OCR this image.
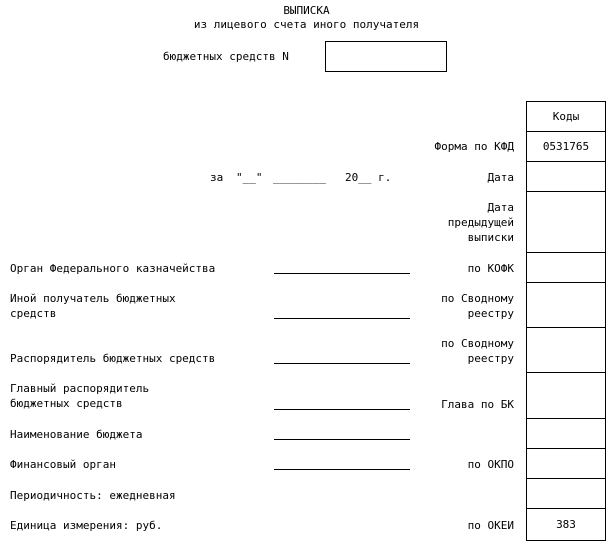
ВЫПИСКА
из лицевого счета иного получателя
бюджетных средств N
за "__" ________ 20__ г.
Орган Федерального казначейства
Иной получатель бюджетных
средств
Распорядитель бюджетных средств
Главный распорядитель
бюджетных средств
Наименование бюджета
Финансовый орган
Периодичность: ежедневная
Единица измерения: руб.
Форма по КФД
Дата
Дата
предыдущей
выписки
по КОФК
по Сводному
реестру
по Сводному
реестру
Глава по БК
по ОКПО
по ОКЕИ
Коды
0531765
383
